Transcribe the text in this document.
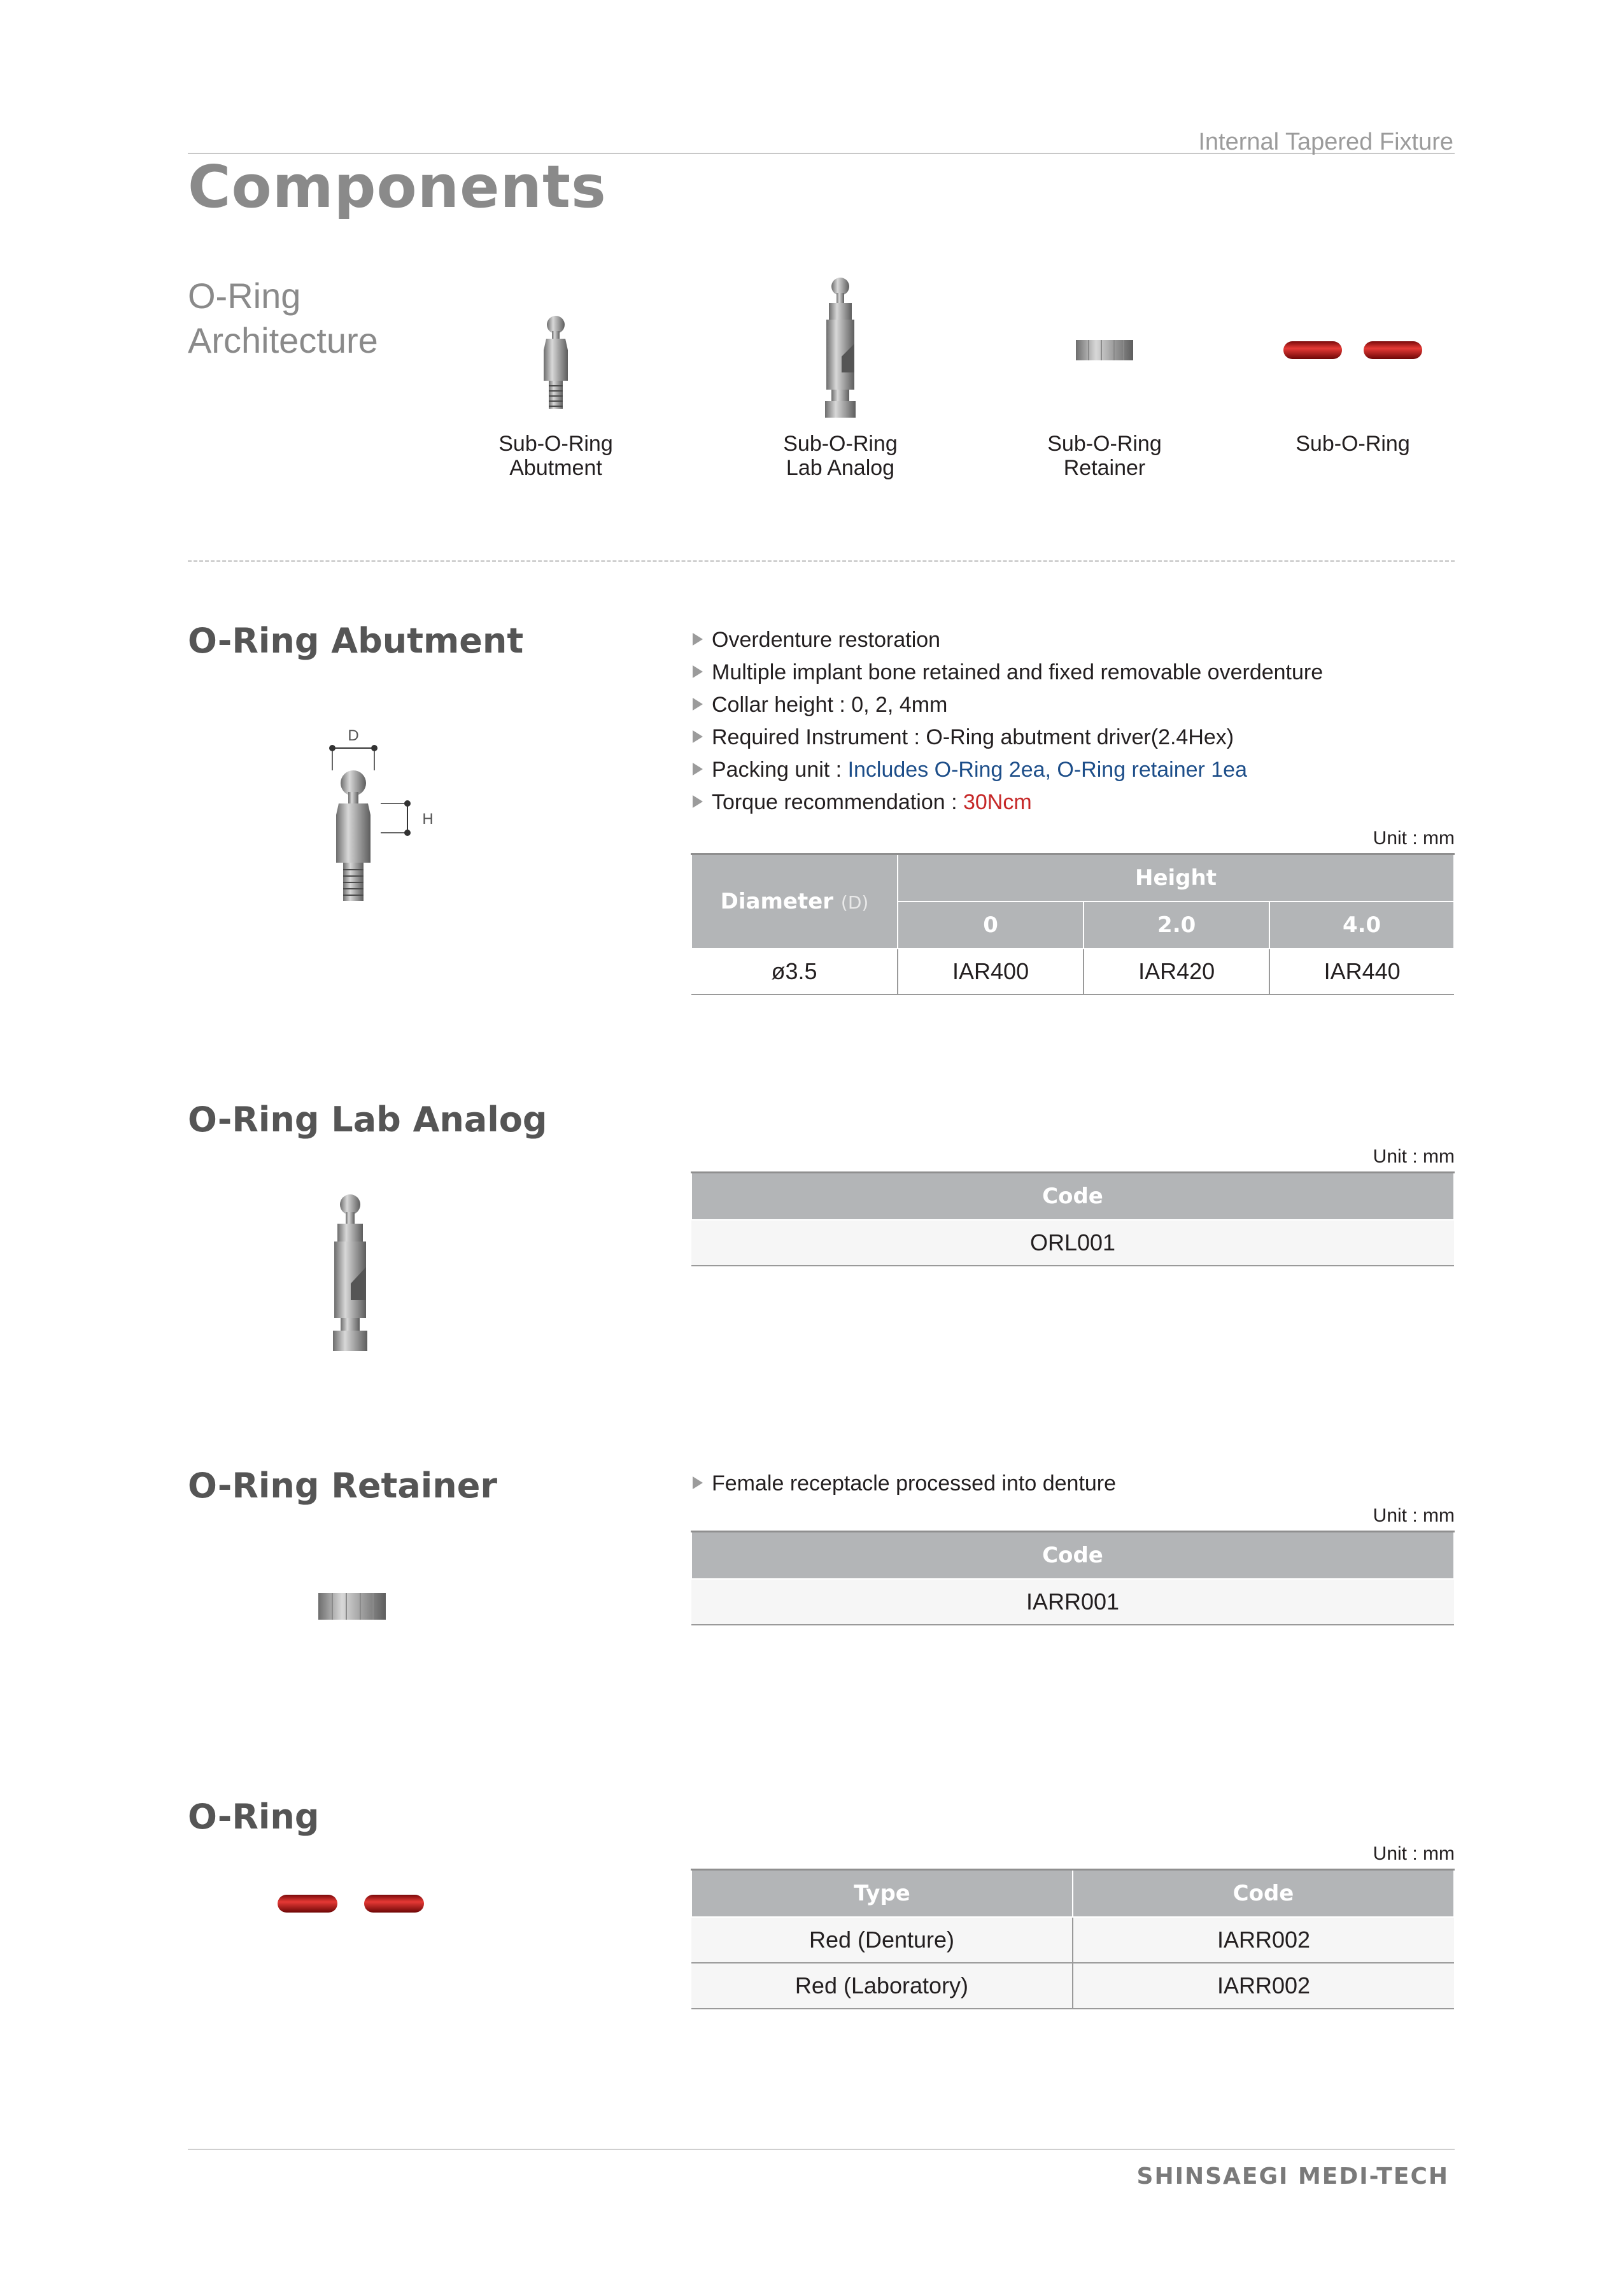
Internal Tapered Fixture
Components
O-Ring
Architecture
Sub-O-Ring
Abutment
Sub-O-Ring
Lab Analog
Sub-O-Ring
Retainer
Sub-O-Ring
O-Ring Abutment
D
H
Overdenture restoration
Multiple implant bone retained and fixed removable overdenture
Collar height : 0, 2, 4mm
Required Instrument : O-Ring abutment driver(2.4Hex)
Packing unit : Includes O-Ring 2ea, O-Ring retainer 1ea
Torque recommendation : 30Ncm
Unit : mm
Diameter (D)	Height		
	0	2.0	4.0
ø3.5	IAR400	IAR420	IAR440
O-Ring Lab Analog
Unit : mm
Code
ORL001
O-Ring Retainer	Female receptacle processed into denture
Unit : mm
Code
IARR001
O-Ring
Unit : mm
Type	Code
Red (Denture)	IARR002
Red (Laboratory)	IARR002
SHINSAEGI MEDI-TECH
